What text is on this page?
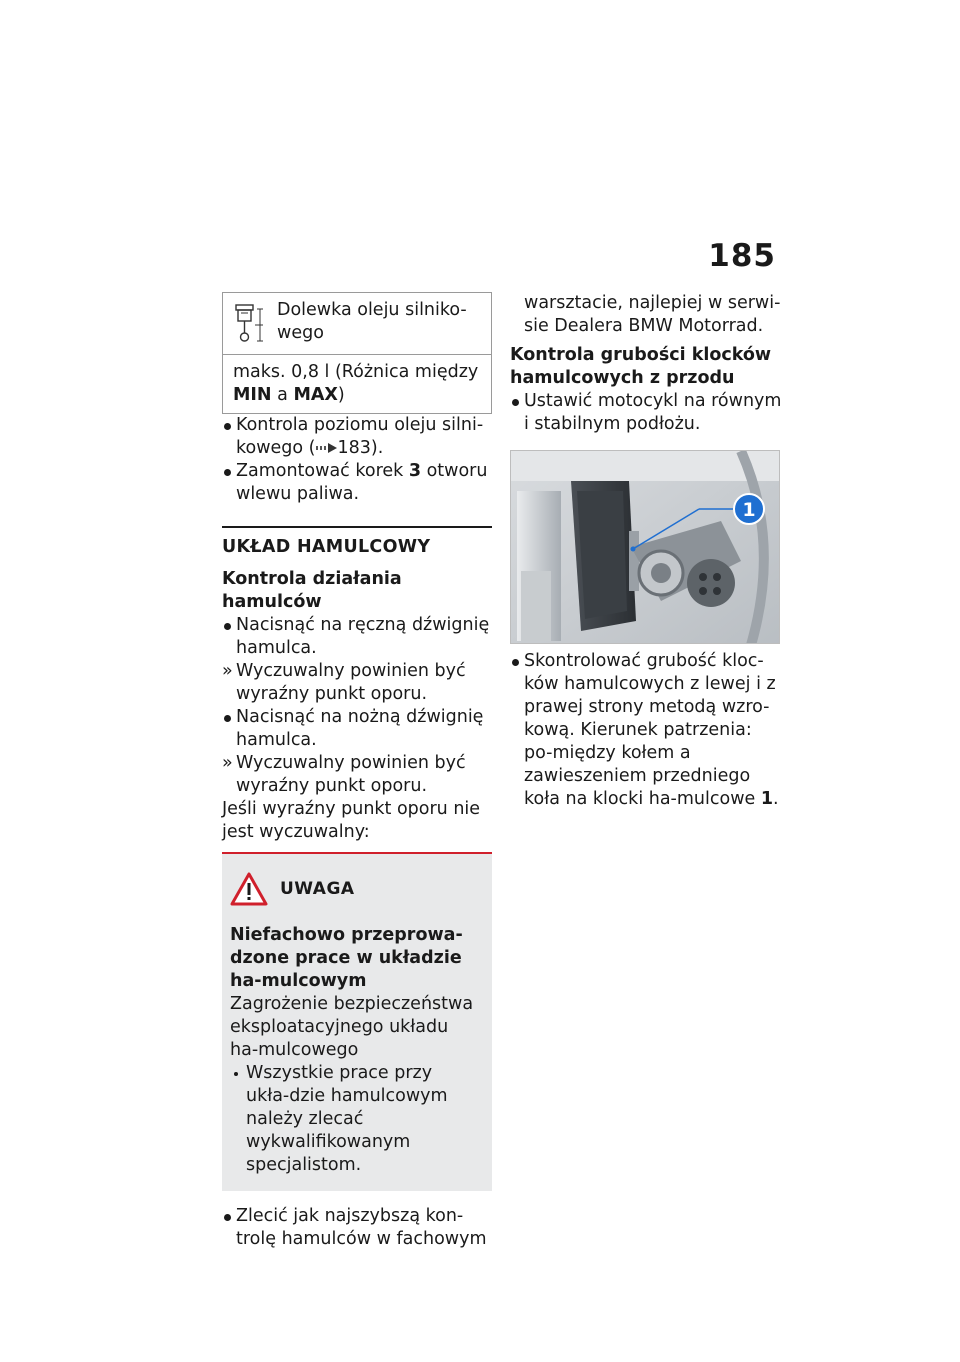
185
Dolewka oleju silniko-wego
maks. 0,8 l (Różnica między
MIN a MAX)
Kontrola poziomu oleju silni-kowego ( 183).
Zamontować korek 3 otworu wlewu paliwa.
UKŁAD HAMULCOWY
Kontrola działania hamulców
Nacisnąć na ręczną dźwignię hamulca.
» Wyczuwalny powinien być wyraźny punkt oporu.
Nacisnąć na nożną dźwignię hamulca.
» Wyczuwalny powinien być wyraźny punkt oporu.
Jeśli wyraźny punkt oporu nie jest wyczuwalny:
UWAGA
Niefachowo przeprowa-dzone prace w układzie ha-mulcowym
Zagrożenie bezpieczeństwa eksploatacyjnego układu ha-mulcowego
Wszystkie prace przy ukła-dzie hamulcowym należy zlecać wykwalifikowanym specjalistom.
Zlecić jak najszybszą kon-trolę hamulców w fachowym
warsztacie, najlepiej w serwi-sie Dealera BMW Motorrad.
Kontrola grubości klocków hamulcowych z przodu
Ustawić motocykl na równym i stabilnym podłożu.
1
Skontrolować grubość kloc-ków hamulcowych z lewej i z prawej strony metodą wzro-kową. Kierunek patrzenia: po-między kołem a zawieszeniem przedniego koła na klocki ha-mulcowe 1.
